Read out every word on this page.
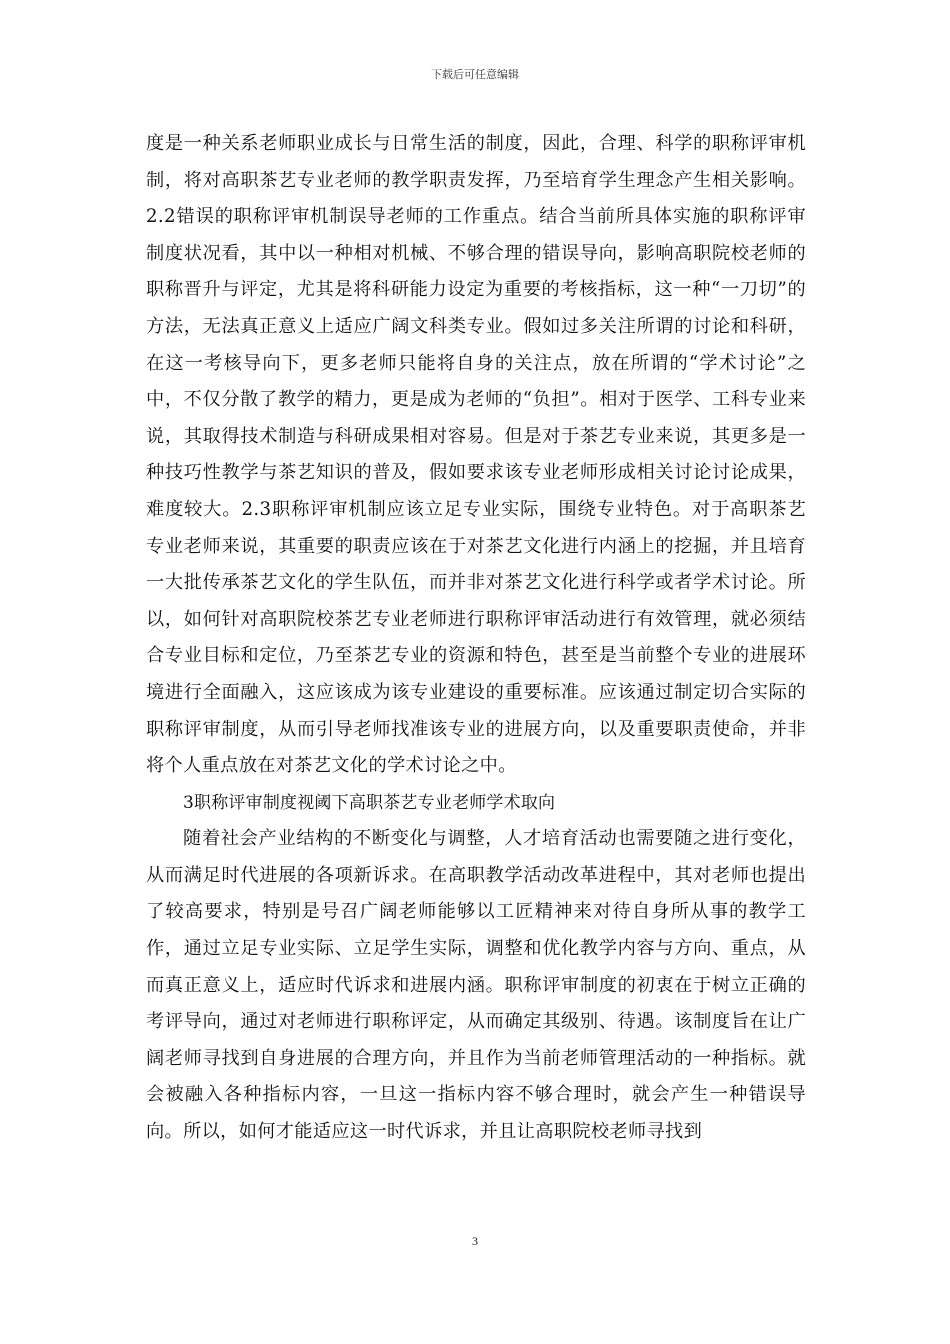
下载后可任意编辑

度是一种关系老师职业成长与日常生活的制度，因此，合理、科学的职称评审机制，将对高职茶艺专业老师的教学职责发挥，乃至培育学生理念产生相关影响。2.2错误的职称评审机制误导老师的工作重点。结合当前所具体实施的职称评审制度状况看，其中以一种相对机械、不够合理的错误导向，影响高职院校老师的职称晋升与评定，尤其是将科研能力设定为重要的考核指标，这一种“一刀切”的方法，无法真正意义上适应广阔文科类专业。假如过多关注所谓的讨论和科研，在这一考核导向下，更多老师只能将自身的关注点，放在所谓的“学术讨论”之中，不仅分散了教学的精力，更是成为老师的“负担”。相对于医学、工科专业来说，其取得技术制造与科研成果相对容易。但是对于茶艺专业来说，其更多是一种技巧性教学与茶艺知识的普及，假如要求该专业老师形成相关讨论讨论成果，难度较大。2.3职称评审机制应该立足专业实际，围绕专业特色。对于高职茶艺专业老师来说，其重要的职责应该在于对茶艺文化进行内涵上的挖掘，并且培育一大批传承茶艺文化的学生队伍，而并非对茶艺文化进行科学或者学术讨论。所以，如何针对高职院校茶艺专业老师进行职称评审活动进行有效管理，就必须结合专业目标和定位，乃至茶艺专业的资源和特色，甚至是当前整个专业的进展环境进行全面融入，这应该成为该专业建设的重要标准。应该通过制定切合实际的职称评审制度，从而引导老师找准该专业的进展方向，以及重要职责使命，并非将个人重点放在对茶艺文化的学术讨论之中。

3职称评审制度视阈下高职茶艺专业老师学术取向

随着社会产业结构的不断变化与调整，人才培育活动也需要随之进行变化，从而满足时代进展的各项新诉求。在高职教学活动改革进程中，其对老师也提出了较高要求，特别是号召广阔老师能够以工匠精神来对待自身所从事的教学工作，通过立足专业实际、立足学生实际，调整和优化教学内容与方向、重点，从而真正意义上，适应时代诉求和进展内涵。职称评审制度的初衷在于树立正确的考评导向，通过对老师进行职称评定，从而确定其级别、待遇。该制度旨在让广阔老师寻找到自身进展的合理方向，并且作为当前老师管理活动的一种指标。就会被融入各种指标内容，一旦这一指标内容不够合理时，就会产生一种错误导向。所以，如何才能适应这一时代诉求，并且让高职院校老师寻找到

3
